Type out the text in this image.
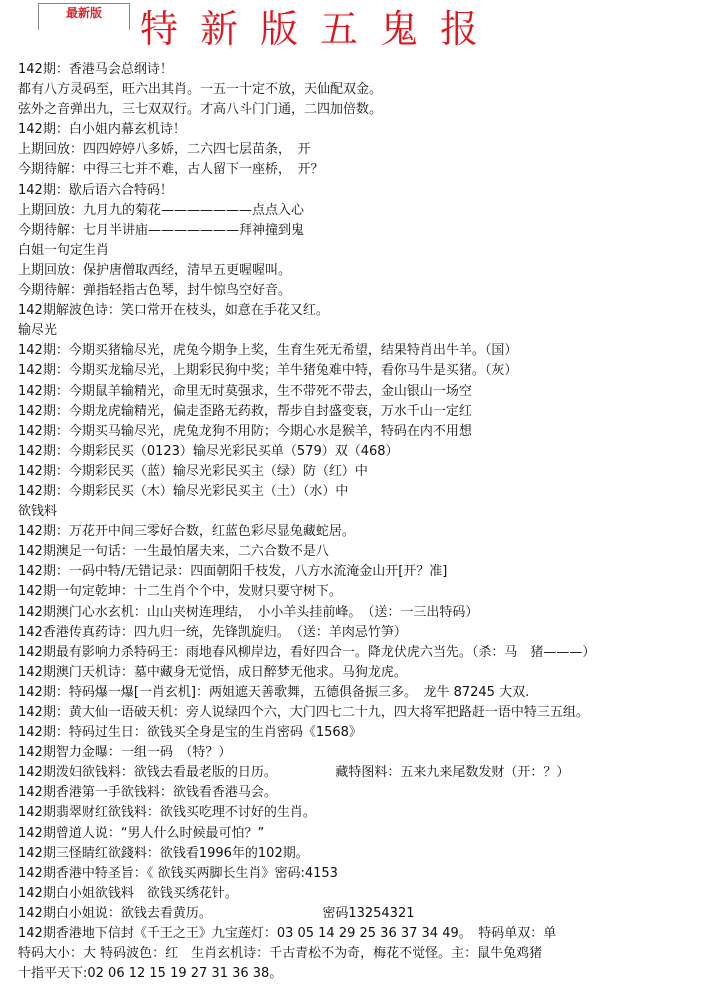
最新版	特新版五鬼报
142期：香港马会总纲诗！
都有八方灵码至，旺六出其肖。一五一十定不放，天仙配双金。
弦外之音弹出九，三七双双行。才高八斗门门通，二四加倍数。
142期：白小姐内幕玄机诗！
上期回放：四四婷婷八多娇，二六四七层苗条，　开
今期待解：中得三七并不难，古人留下一座桥，　开？
142期：歇后语六合特码！
上期回放：九月九的菊花———————点点入心
今期待解：七月半讲庙———————拜神撞到鬼
白姐一句定生肖
上期回放：保护唐僧取西经，清早五更喔喔叫。
今期待解：弹指轻指古色琴，封牛惊鸟空好音。
142期解波色诗：笑口常开在枝头，如意在手花又红。
输尽光
142期：今期买猪输尽光，虎兔今期争上奖，生育生死无希望，结果特肖出牛羊。（国）
142期：今期买龙输尽光，上期彩民狗中奖；羊牛猪兔难中特，看你马牛是买猪。（灰）
142期：今期鼠羊输精光，命里无时莫强求，生不带死不带去，金山银山一场空
142期：今期龙虎输精光，偏走歪路无药救，帮步自封盛变衰，万水千山一定红
142期：今期买马输尽光，虎兔龙狗不用防；今期心水是猴羊，特码在内不用想
142期：今期彩民买（0123）输尽光彩民买单（579）双（468）
142期：今期彩民买（蓝）输尽光彩民买主（绿）防（红）中
142期：今期彩民买（木）输尽光彩民买主（土）（水）中
欲钱料
142期：万花开中间三零好合数，红蓝色彩尽显兔藏蛇居。
142期澳足一句话：一生最怕屠夫来，二六合数不是八
142期：一码中特/无错记录：四面朝阳千枝发，八方水流淹金山开[开？准]
142期一句定乾坤：十二生肖个个中，发财只要守树下。
142期澳门心水玄机：山山夹树连理结，　小小羊头挂前峰。　（送：一三出特码）
142香港传真药诗：四九归一统，先锋凯旋归。　（送：羊肉忌竹笋）
142期最有影响力杀特码王：雨地春风柳岸边，看好四合一。降龙伏虎六当先。（杀：马　猪———）
142期澳门天机诗：墓中藏身无觉悟，成日醉梦无他求。马狗龙虎。
142期：特码爆一爆[一肖玄机]：两姐遮天善歌舞，五德俱备振三多。　龙牛 87245 大双.
142期：黄大仙一语破天机：旁人说绿四个六，大门四七二十九，四大将军把路赶一语中特三五组。
142期：特码过生日：欲钱买全身是宝的生肖密码《1568》
142期智力金曝：一组一码　（特？）
142期泼妇欲钱料：欲钱去看最老版的日历。　　　　　藏特图料：五来九来尾数发财（开：？）
142期香港第一手欲钱料：欲钱看香港马会。
142期翡翠财红欲钱料：欲钱买吃理不讨好的生肖。
142期曾道人说：“男人什么时候最可怕？”
142期三怪睛红欲錢料：欲钱看1996年的102期。
142期香港中特圣旨：《 欲钱买两脚长生肖》密码:4153
142期白小姐欲钱料　欲钱买绣花针。
142期白小姐说：欲钱去看黄历。　　　　　　　　　密码13254321
142期香港地下信封《千王之王》九宝莲灯：03 05 14 29 25 36 37 34 49。　特码单双：单
特码大小：大 特码波色：红　生肖玄机诗：千古青松不为奇，梅花不觉怪。主：鼠牛兔鸡猪
十指平天下:02 06 12 15 19 27 31 36 38。
